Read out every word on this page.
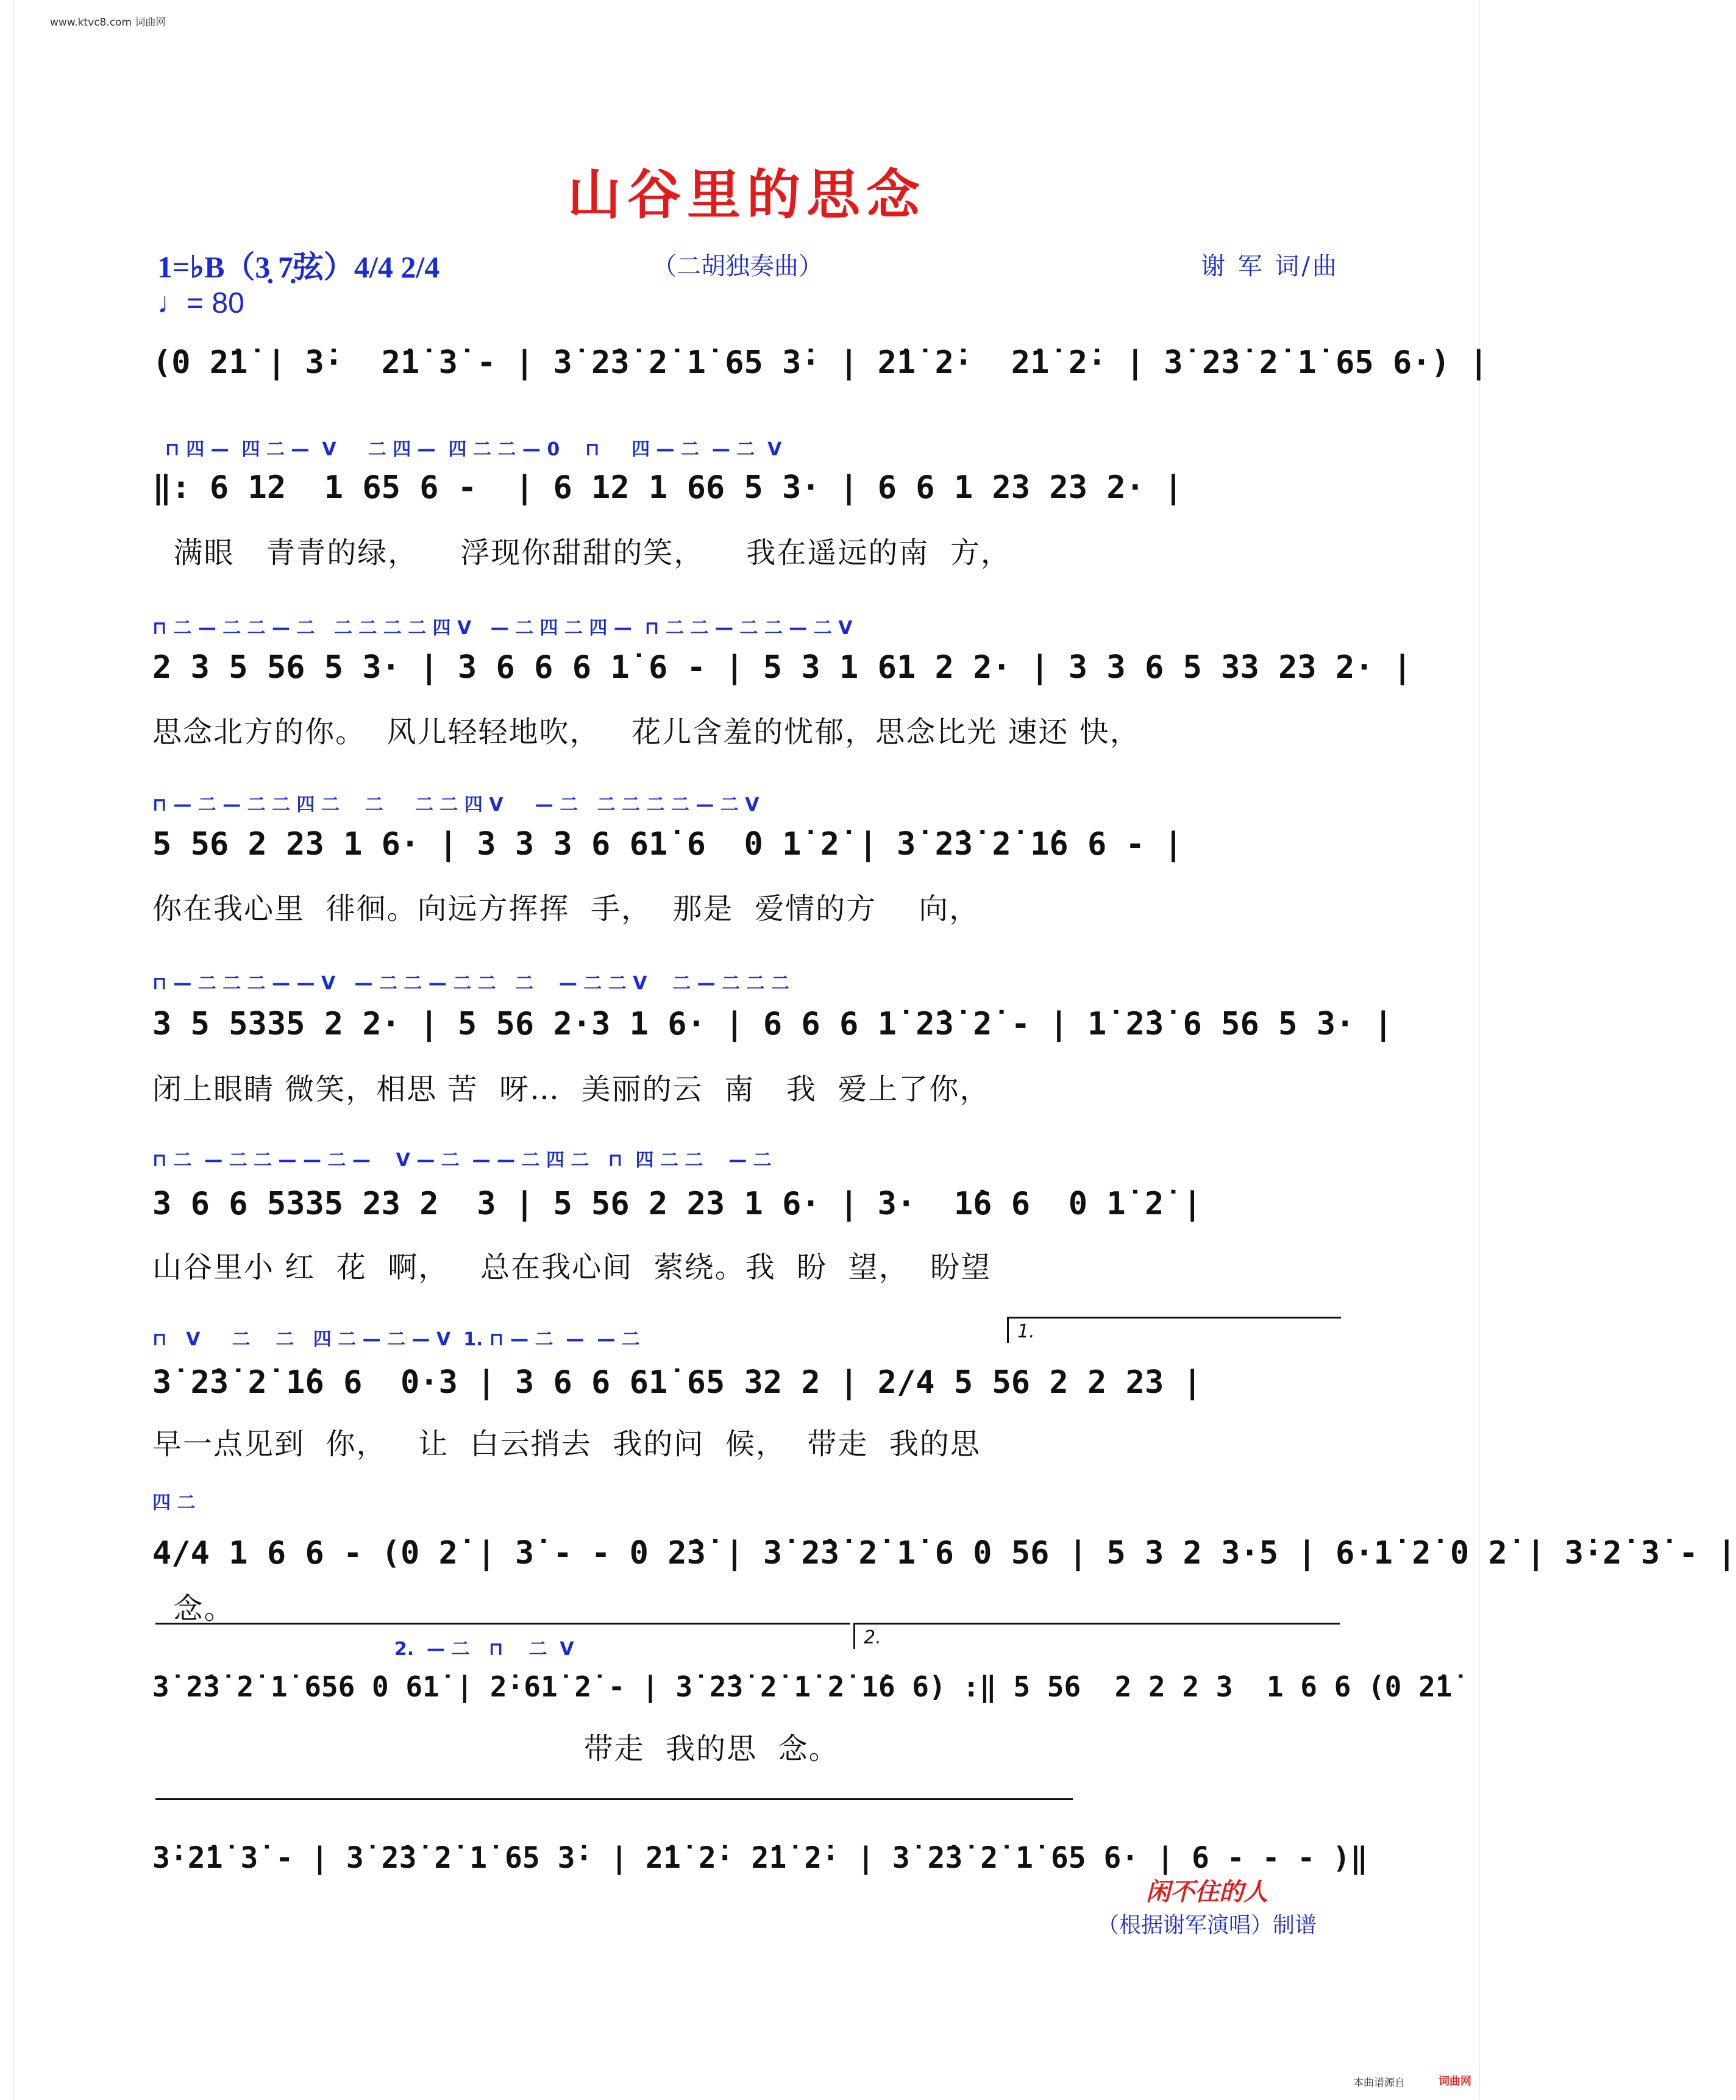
www.ktvc8.com 词曲网
山谷里的思念
1=♭B（3̣ 7̣弦）4/4 2/4
♩= 80
（二胡独奏曲）	谢 军 词/曲
(0 2̇1̇ | 3̇·  2̇1̇ 3̇ - | 3̇ 2̇3̇ 2̇ 1̇ 65 3̇· | 2̇1̇ 2̇·  2̇1̇ 2̇· | 3̇ 2̇3̇ 2̇ 1̇ 65 6·) |
⊓ 四 —  四 二 —  V     二 四 —  四 二 二 — 0    ⊓     四 — 二  — 二  V
‖: 6 12  1 65 6 -  | 6 12 1 66 5 3· | 6 6 1 23 23 2· |
满眼   青青的绿，    浮现你甜甜的笑，    我在遥远的南  方，
⊓ 二 — 二 二 — 二   二 二 二 二 四 V   — 二 四 二 四 —  ⊓ 二 二 — 二 二 — 二 V
2 3 5 56 5 3· | 3 6 6 6 1̇ 6 - | 5 3 1 61 2 2· | 3 3 6 5 33 23 2· |
思念北方的你。  风儿轻轻地吹，   花儿含羞的忧郁，思念比光 速还 快，
⊓ — 二 — 二 二 四 二    二     二 二 四 V     — 二   二 二 二 二 — 二 V
5 56 2 23 1 6· | 3 3 3 6 61̇ 6  0 1̇ 2̇ | 3̇ 2̇3̇ 2̇ 1̇6 6 - |
你在我心里  徘徊。向远方挥挥  手，  那是  爱情的方    向，
⊓ — 二 二 二 — — V   — 二 二 — 二 二   二    — 二 二 V    二 — 二 二 二
3 5 5335 2 2· | 5 56 2·3 1 6· | 6 6 6 1̇ 2̇3̇ 2̇ - | 1̇ 2̇3̇ 6 56 5 3· |
闭上眼睛 微笑，相思 苦  呀…  美丽的云  南   我  爱上了你，
⊓ 二  — 二 二 — — 二 —    V — 二  — — 二 四 二   ⊓  四 二 二    — 二
3 6 6 5335 23 2  3 | 5 56 2 23 1 6· | 3·  1̇6 6  0 1̇ 2̇ |
山谷里小 红  花  啊，   总在我心间  萦绕。我  盼  望，  盼望
1.
⊓   V     二    二   四 二 — 二 — V  1. ⊓ — 二  —  — 二
3̇ 2̇3̇ 2̇ 1̇6 6  0·3 | 3 6 6 61̇ 65 32 2 | 2/4 5 56 2 2 23 |
早一点见到  你，   让  白云捎去  我的问  候，  带走  我的思
四 二
4/4 1 6 6 - (0 2̇ | 3̇ - - 0 2̇3̇ | 3̇ 2̇3̇ 2̇ 1̇ 6 0 56 | 5 3 2 3·5 | 6·1̇ 2̇ 0 2̇ | 3̇·2̇ 3̇ - |
念。
2.
2.  — 二   ⊓    二  V
3̇ 2̇3̇ 2̇ 1̇ 656 0 61̇ | 2̇·61̇ 2̇ - | 3̇ 2̇3̇ 2̇ 1̇ 2̇ 1̇6 6) :‖ 5 56  2 2 2 3  1 6 6 (0 2̇1̇
带走  我的思  念。
3̇·2̇1̇ 3̇ - | 3̇ 2̇3̇ 2̇ 1̇ 65 3̇· | 2̇1̇ 2̇· 2̇1̇ 2̇· | 3̇ 2̇3̇ 2̇ 1̇ 65 6· | 6 - - - )‖
闲不住的人
（根据谢军演唱）制谱
本曲谱源自	词曲网
